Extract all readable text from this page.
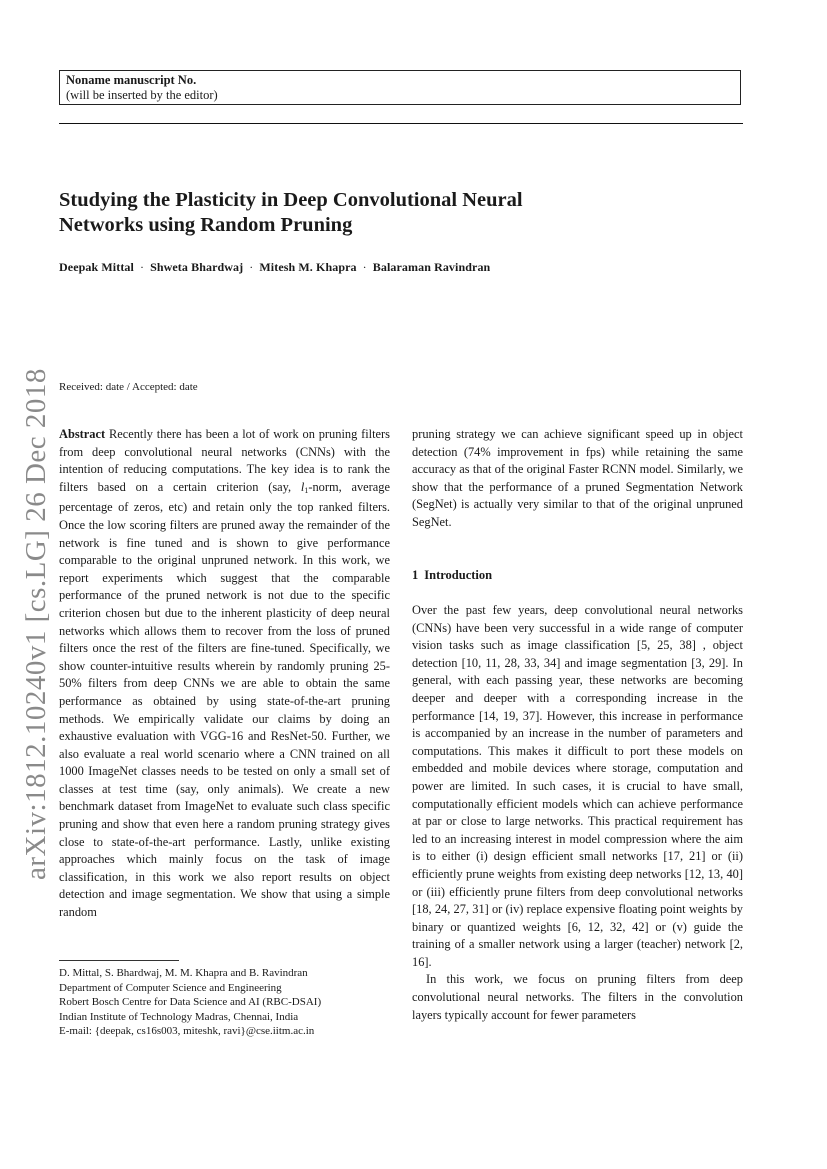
Noname manuscript No.
(will be inserted by the editor)
Studying the Plasticity in Deep Convolutional Neural
Networks using Random Pruning
Deepak Mittal · Shweta Bhardwaj · Mitesh M. Khapra · Balaraman Ravindran
Received: date / Accepted: date

Abstract Recently there has been a lot of work on pruning filters from deep convolutional neural networks (CNNs) with the intention of reducing computations. The key idea is to rank the filters based on a certain criterion (say, $l_1$-norm, average percentage of zeros, etc) and retain only the top ranked filters. Once the low scoring filters are pruned away the remainder of the network is fine tuned and is shown to give performance comparable to the original unpruned network. In this work, we report experiments which suggest that the comparable performance of the pruned network is not due to the specific criterion chosen but due to the inherent plasticity of deep neural networks which allows them to recover from the loss of pruned filters once the rest of the filters are fine-tuned. Specifically, we show counter-intuitive results wherein by randomly pruning 25-50% filters from deep CNNs we are able to obtain the same performance as obtained by using state-of-the-art pruning methods. We empirically validate our claims by doing an exhaustive evaluation with VGG-16 and ResNet-50. Further, we also evaluate a real world scenario where a CNN trained on all 1000 ImageNet classes needs to be tested on only a small set of classes at test time (say, only animals). We create a new benchmark dataset from ImageNet to evaluate such class specific pruning and show that even here a random pruning strategy gives close to state-of-the-art performance. Lastly, unlike existing approaches which mainly focus on the task of image classification, in this work we also report results on object detection and image segmentation. We show that using a simple random

pruning strategy we can achieve significant speed up in object detection (74% improvement in fps) while retaining the same accuracy as that of the original Faster RCNN model. Similarly, we show that the performance of a pruned Segmentation Network (SegNet) is actually very similar to that of the original unpruned SegNet.

1 Introduction

Over the past few years, deep convolutional neural networks (CNNs) have been very successful in a wide range of computer vision tasks such as image classification [5, 25, 38] , object detection [10, 11, 28, 33, 34] and image segmentation [3, 29]. In general, with each passing year, these networks are becoming deeper and deeper with a corresponding increase in the performance [14, 19, 37]. However, this increase in performance is accompanied by an increase in the number of parameters and computations. This makes it difficult to port these models on embedded and mobile devices where storage, computation and power are limited. In such cases, it is crucial to have small, computationally efficient models which can achieve performance at par or close to large networks. This practical requirement has led to an increasing interest in model compression where the aim is to either (i) design efficient small networks [17, 21] or (ii) efficiently prune weights from existing deep networks [12, 13, 40] or (iii) efficiently prune filters from deep convolutional networks [18, 24, 27, 31] or (iv) replace expensive floating point weights by binary or quantized weights [6, 12, 32, 42] or (v) guide the training of a smaller network using a larger (teacher) network [2, 16].

In this work, we focus on pruning filters from deep convolutional neural networks. The filters in the convolution layers typically account for fewer parameters

D. Mittal, S. Bhardwaj, M. M. Khapra and B. Ravindran
Department of Computer Science and Engineering
Robert Bosch Centre for Data Science and AI (RBC-DSAI)
Indian Institute of Technology Madras, Chennai, India
E-mail: {deepak, cs16s003, miteshk, ravi}@cse.iitm.ac.in
arXiv:1812.10240v1 [cs.LG] 26 Dec 2018
